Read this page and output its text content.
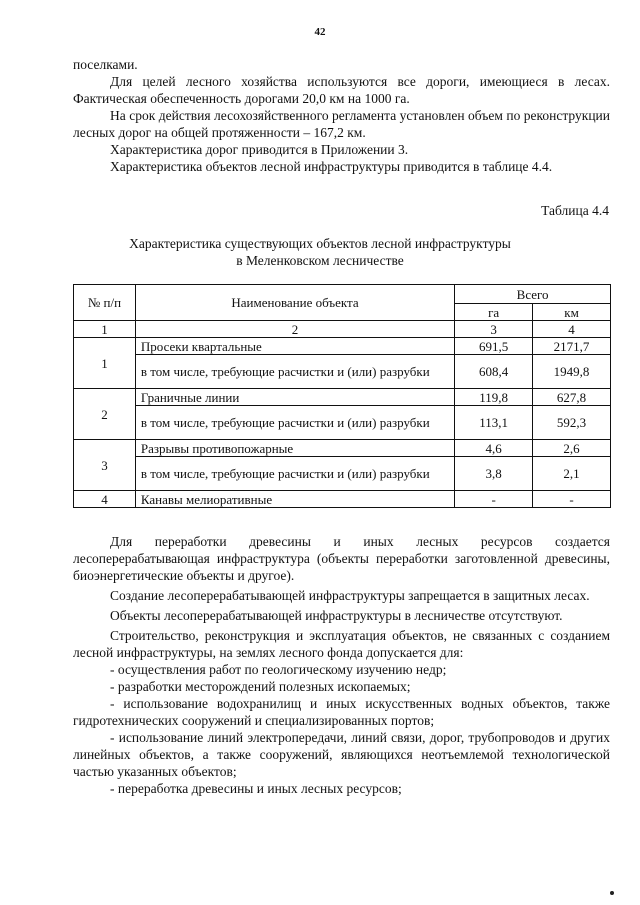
42

поселками.

Для целей лесного хозяйства используются все дороги, имеющиеся в лесах. Фактическая обеспеченность дорогами 20,0 км на 1000 га.

На срок действия лесохозяйственного регламента установлен объем по реконструкции лесных дорог на общей протяженности – 167,2 км.

Характеристика дорог приводится в Приложении 3.

Характеристика объектов лесной инфраструктуры приводится в таблице 4.4.

Таблица 4.4
Характеристика существующих объектов лесной инфраструктуры
в Меленковском лесничестве
№ п/п	Наименование объекта	Всего	
		га	км
1	2	3	4
1	Просеки квартальные	691,5	2171,7
	в том числе, требующие расчистки и (или) разрубки	608,4	1949,8
2	Граничные линии	119,8	627,8
	в том числе, требующие расчистки и (или) разрубки	113,1	592,3
3	Разрывы противопожарные	4,6	2,6
	в том числе, требующие расчистки и (или) разрубки	3,8	2,1
4	Канавы мелиоративные	-	-

Для переработки древесины и иных лесных ресурсов создается лесоперерабатывающая инфраструктура (объекты переработки заготовленной древесины, биоэнергетические объекты и другое).

Создание лесоперерабатывающей инфраструктуры запрещается в защитных лесах.

Объекты лесоперерабатывающей инфраструктуры в лесничестве отсутствуют.

Строительство, реконструкция и эксплуатация объектов, не связанных с созданием лесной инфраструктуры, на землях лесного фонда допускается для:

- осуществления работ по геологическому изучению недр;

- разработки месторождений полезных ископаемых;

- использование водохранилищ и иных искусственных водных объектов, также гидротехнических сооружений и специализированных портов;

- использование линий электропередачи, линий связи, дорог, трубопроводов и других линейных объектов, а также сооружений, являющихся неотъемлемой технологической частью указанных объектов;

- переработка древесины и иных лесных ресурсов;
